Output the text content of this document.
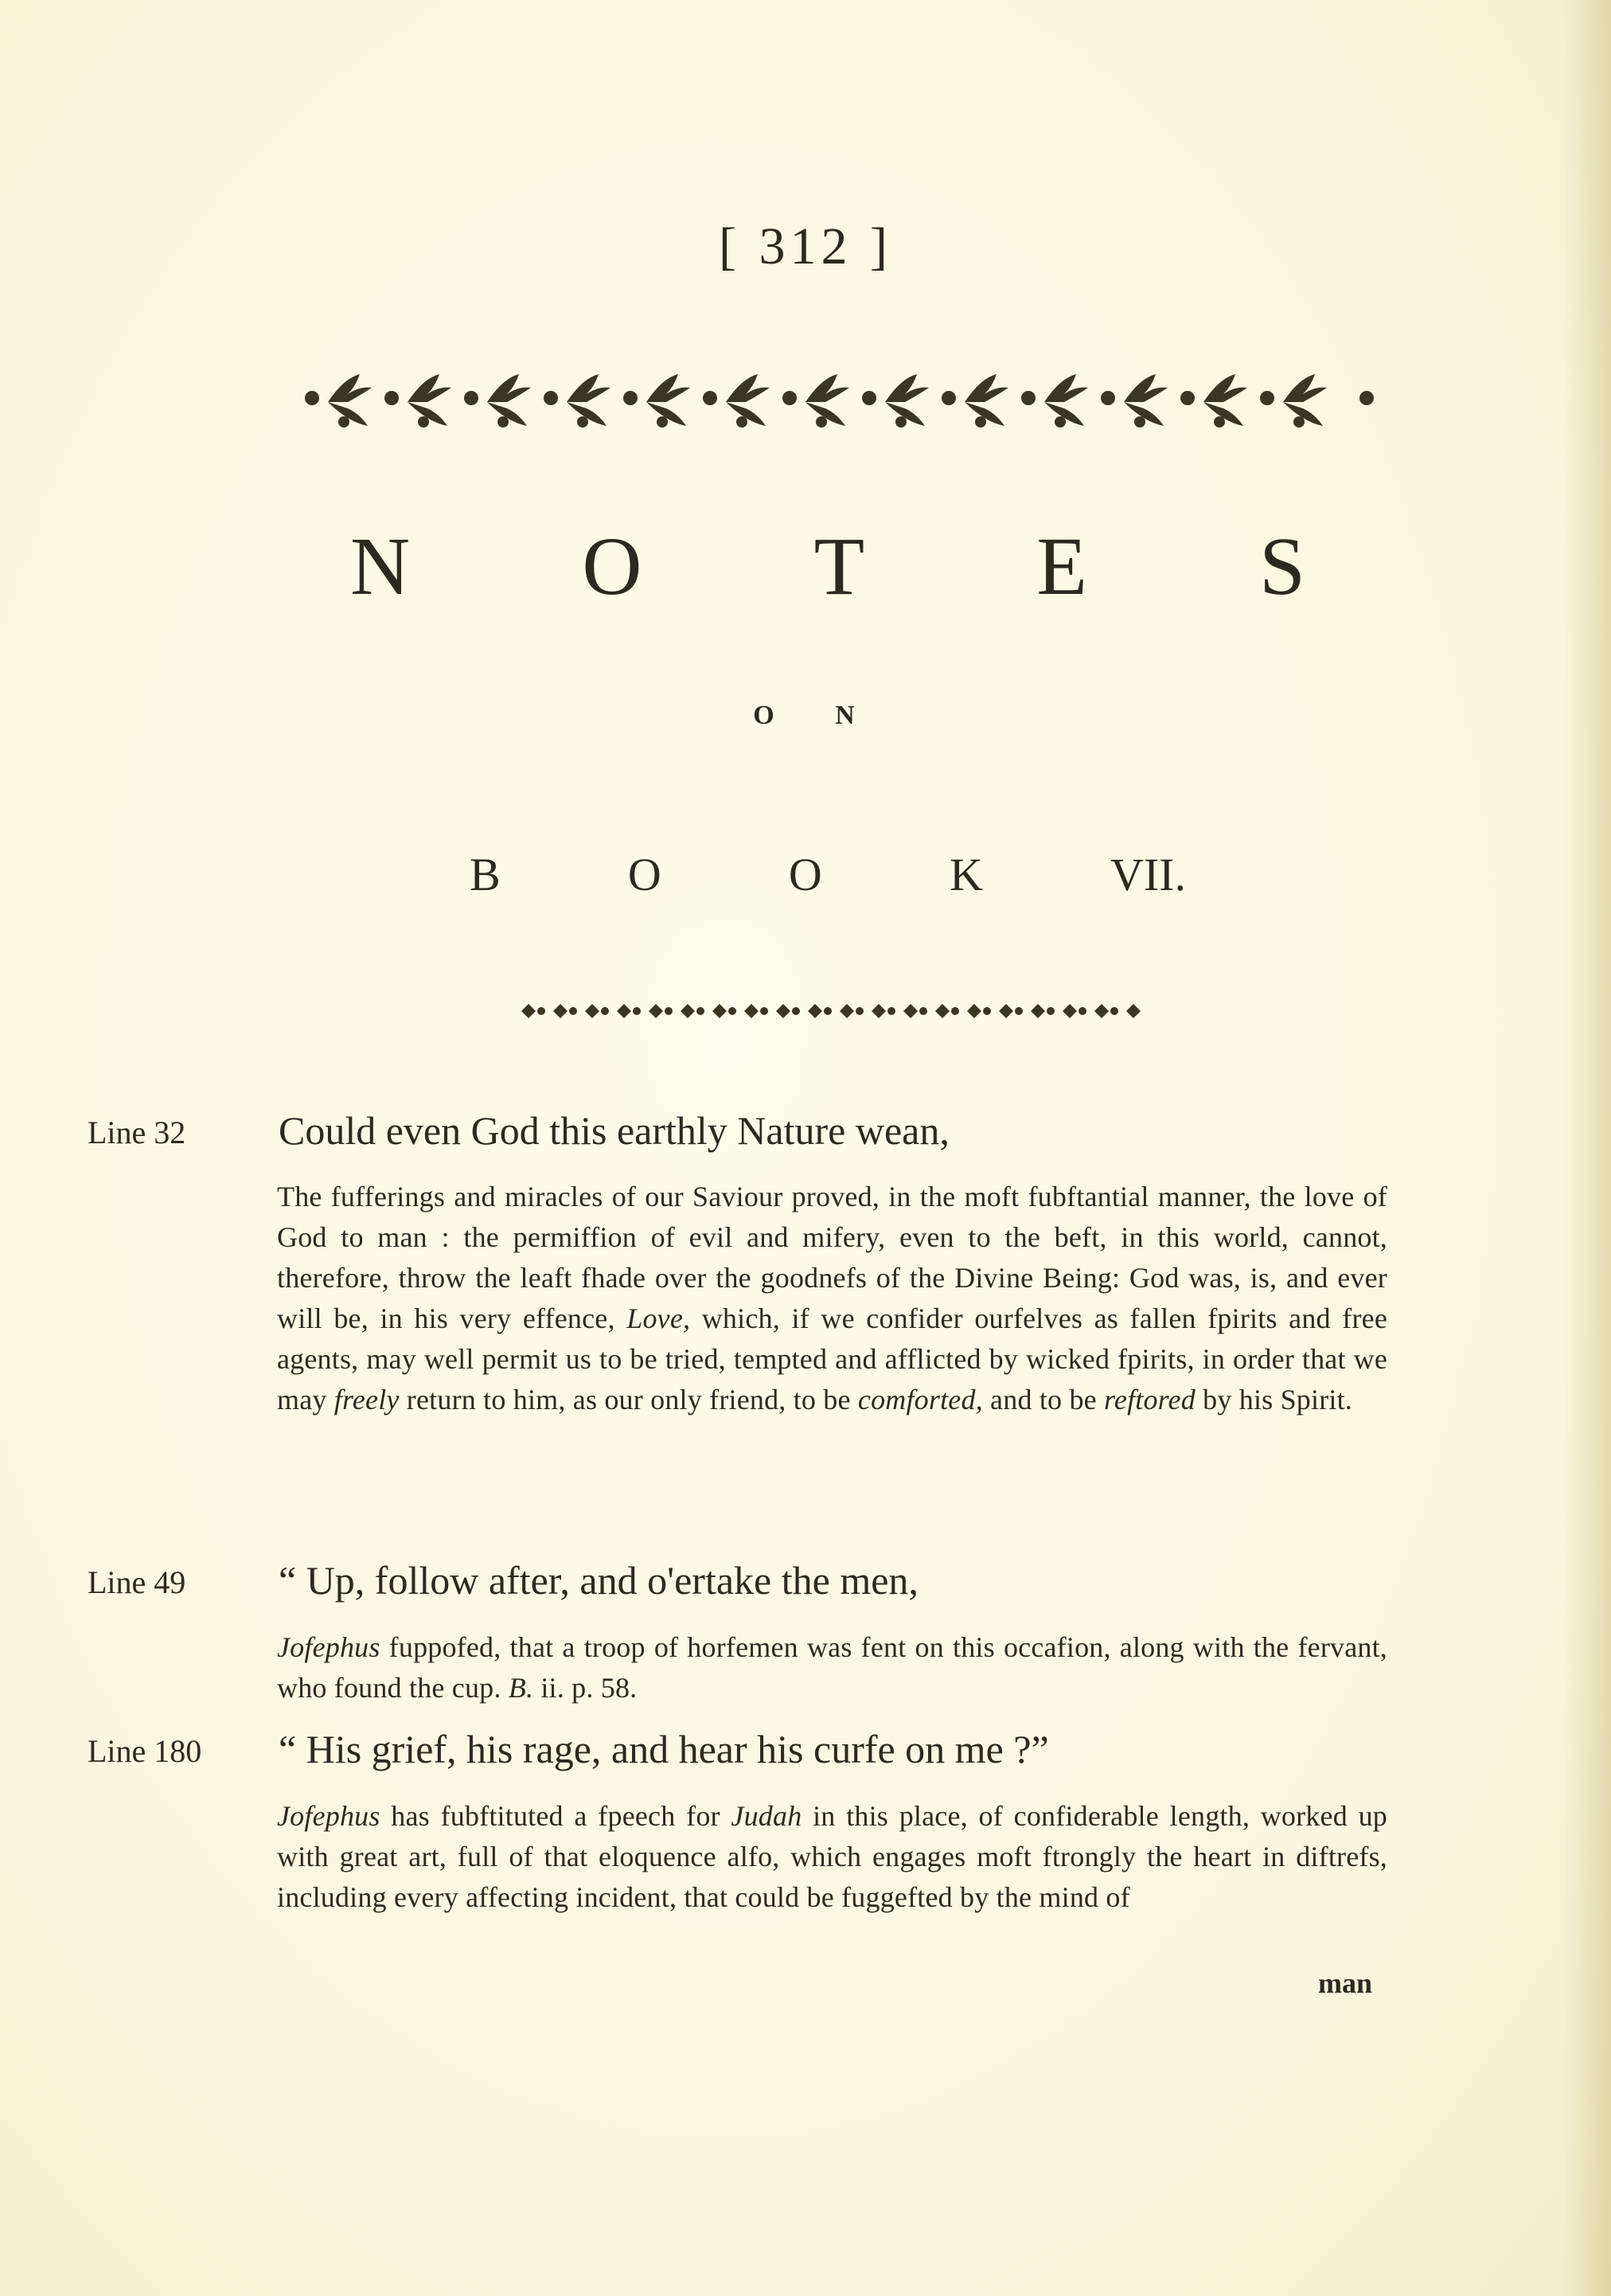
[ 312 ]
N O T E S
O N
B	O	O	K	VII.
Line 32	Could even God this earthly Nature wean,
The fufferings and miracles of our Saviour proved, in the moft fubftantial manner, the love of God to man : the permiffion of evil and mifery, even to the beft, in this world, cannot, therefore, throw the leaft fhade over the goodnefs of the Divine Being: God was, is, and ever will be, in his very effence, Love, which, if we confider ourfelves as fallen fpirits and free agents, may well permit us to be tried, tempted and afflicted by wicked fpirits, in order that we may freely return to him, as our only friend, to be comforted, and to be reftored by his Spirit.
Line 49	“ Up, follow after, and o'ertake the men,
Jofephus fuppofed, that a troop of horfemen was fent on this occafion, along with the fervant, who found the cup. B. ii. p. 58.
Line 180	“ His grief, his rage, and hear his curfe on me ?”
Jofephus has fubftituted a fpeech for Judah in this place, of confiderable length, worked up with great art, full of that eloquence alfo, which engages moft ftrongly the heart in diftrefs, including every affecting incident, that could be fuggefted by the mind of
man
